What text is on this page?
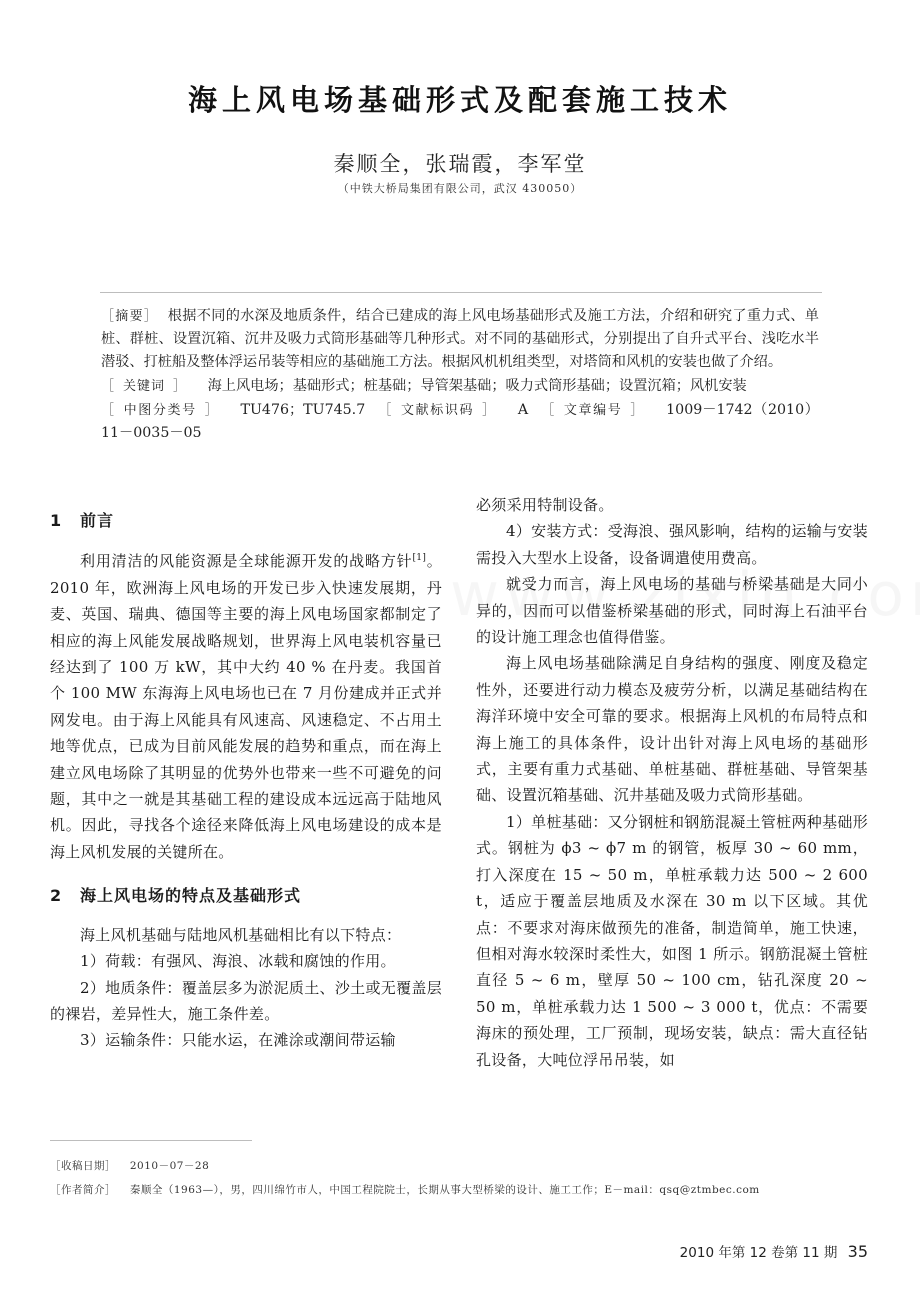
海上风电场基础形式及配套施工技术
秦顺全，张瑞霞，李军堂
（中铁大桥局集团有限公司，武汉 430050）

［摘要］ 根据不同的水深及地质条件，结合已建成的海上风电场基础形式及施工方法，介绍和研究了重力式、单桩、群桩、设置沉箱、沉井及吸力式筒形基础等几种形式。对不同的基础形式，分别提出了自升式平台、浅吃水半潜驳、打桩船及整体浮运吊装等相应的基础施工方法。根据风机机组类型，对塔筒和风机的安装也做了介绍。

［ 关键词 ］ 海上风电场；基础形式；桩基础；导管架基础；吸力式筒形基础；设置沉箱；风机安装

［ 中图分类号 ］ TU476；TU745.7 ［ 文献标识码 ］ A ［ 文章编号 ］ 1009－1742（2010）11－0035－05

1 前言

利用清洁的风能资源是全球能源开发的战略方针[1]。2010 年，欧洲海上风电场的开发已步入快速发展期，丹麦、英国、瑞典、德国等主要的海上风电场国家都制定了相应的海上风能发展战略规划，世界海上风电装机容量已经达到了 100 万 kW，其中大约 40 % 在丹麦。我国首个 100 MW 东海海上风电场也已在 7 月份建成并正式并网发电。由于海上风能具有风速高、风速稳定、不占用土地等优点，已成为目前风能发展的趋势和重点，而在海上建立风电场除了其明显的优势外也带来一些不可避免的问题，其中之一就是其基础工程的建设成本远远高于陆地风机。因此，寻找各个途径来降低海上风电场建设的成本是海上风机发展的关键所在。

2 海上风电场的特点及基础形式

海上风机基础与陆地风机基础相比有以下特点：

1）荷载：有强风、海浪、冰载和腐蚀的作用。

2）地质条件：覆盖层多为淤泥质土、沙土或无覆盖层的裸岩，差异性大，施工条件差。

3）运输条件：只能水运，在滩涂或潮间带运输

必须采用特制设备。

4）安装方式：受海浪、强风影响，结构的运输与安装需投入大型水上设备，设备调遣使用费高。

就受力而言，海上风电场的基础与桥梁基础是大同小异的，因而可以借鉴桥梁基础的形式，同时海上石油平台的设计施工理念也值得借鉴。

海上风电场基础除满足自身结构的强度、刚度及稳定性外，还要进行动力模态及疲劳分析，以满足基础结构在海洋环境中安全可靠的要求。根据海上风机的布局特点和海上施工的具体条件，设计出针对海上风电场的基础形式，主要有重力式基础、单桩基础、群桩基础、导管架基础、设置沉箱基础、沉井基础及吸力式筒形基础。

1）单桩基础：又分钢桩和钢筋混凝土管桩两种基础形式。钢桩为 ϕ3 ~ ϕ7 m 的钢管，板厚 30 ~ 60 mm，打入深度在 15 ~ 50 m，单桩承载力达 500 ~ 2 600 t，适应于覆盖层地质及水深在 30 m 以下区域。其优点：不要求对海床做预先的准备，制造简单，施工快速，但相对海水较深时柔性大，如图 1 所示。钢筋混凝土管桩直径 5 ~ 6 m，壁厚 50 ~ 100 cm，钻孔深度 20 ~ 50 m，单桩承载力达 1 500 ~ 3 000 t，优点：不需要海床的预处理，工厂预制，现场安装，缺点：需大直径钻孔设备，大吨位浮吊吊装，如

［收稿日期］ 2010－07－28
［作者简介］ 秦顺全（1963—），男，四川绵竹市人，中国工程院院士，长期从事大型桥梁的设计、施工工作；E－mail：qsq@ztmbec.com
2010 年第 12 卷第 11 期 35
